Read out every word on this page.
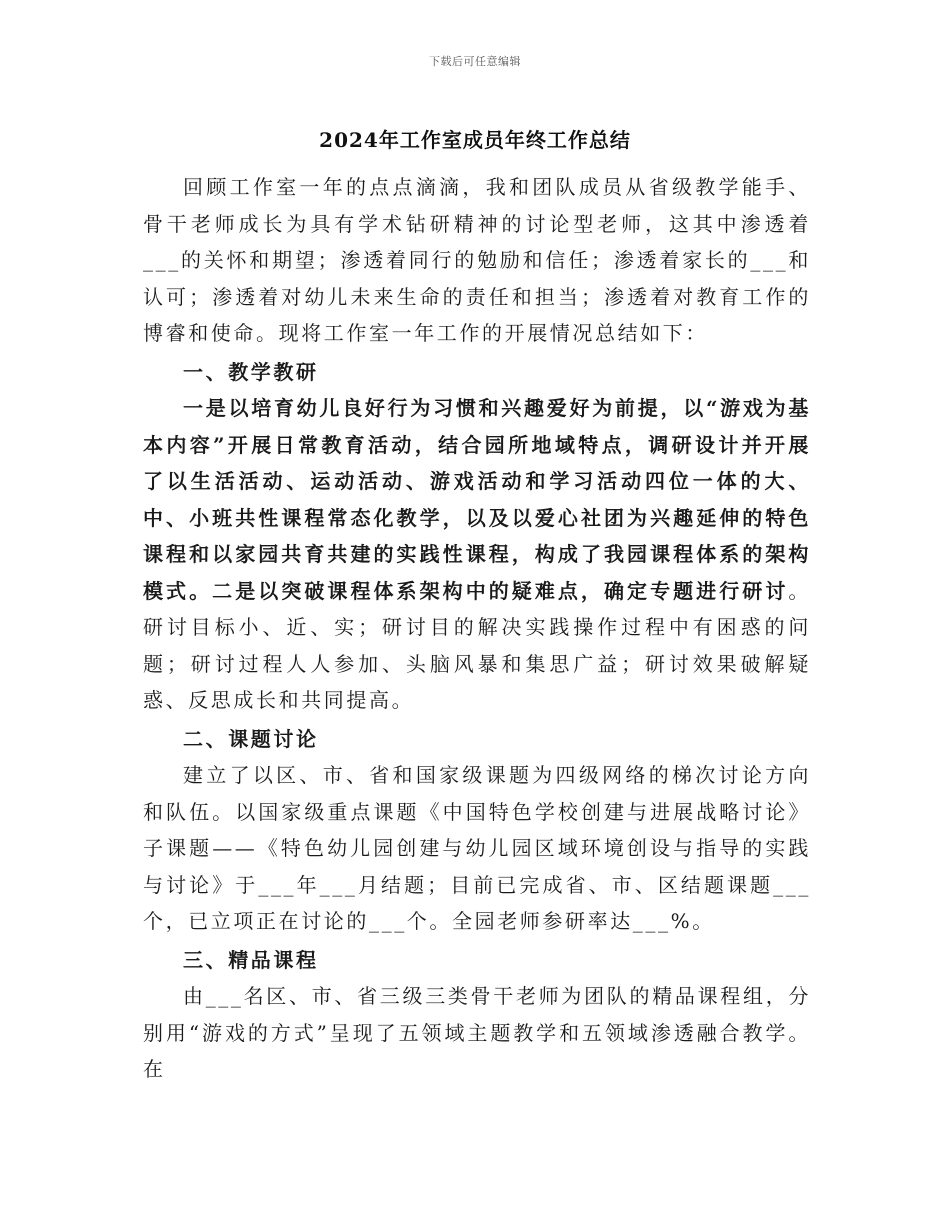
下载后可任意编辑
2024年工作室成员年终工作总结

回顾工作室一年的点点滴滴，我和团队成员从省级教学能手、骨干老师成长为具有学术钻研精神的讨论型老师，这其中渗透着___的关怀和期望；渗透着同行的勉励和信任；渗透着家长的___和认可；渗透着对幼儿未来生命的责任和担当；渗透着对教育工作的博睿和使命。现将工作室一年工作的开展情况总结如下：

一、教学教研

一是以培育幼儿良好行为习惯和兴趣爱好为前提，以“游戏为基本内容”开展日常教育活动，结合园所地域特点，调研设计并开展了以生活活动、运动活动、游戏活动和学习活动四位一体的大、中、小班共性课程常态化教学，以及以爱心社团为兴趣延伸的特色课程和以家园共育共建的实践性课程，构成了我园课程体系的架构模式。二是以突破课程体系架构中的疑难点，确定专题进行研讨。研讨目标小、近、实；研讨目的解决实践操作过程中有困惑的问题；研讨过程人人参加、头脑风暴和集思广益；研讨效果破解疑惑、反思成长和共同提高。

二、课题讨论

建立了以区、市、省和国家级课题为四级网络的梯次讨论方向和队伍。以国家级重点课题《中国特色学校创建与进展战略讨论》子课题——《特色幼儿园创建与幼儿园区域环境创设与指导的实践与讨论》于___年___月结题；目前已完成省、市、区结题课题___个，已立项正在讨论的___个。全园老师参研率达___%。

三、精品课程

由___名区、市、省三级三类骨干老师为团队的精品课程组，分别用“游戏的方式”呈现了五领域主题教学和五领域渗透融合教学。在
